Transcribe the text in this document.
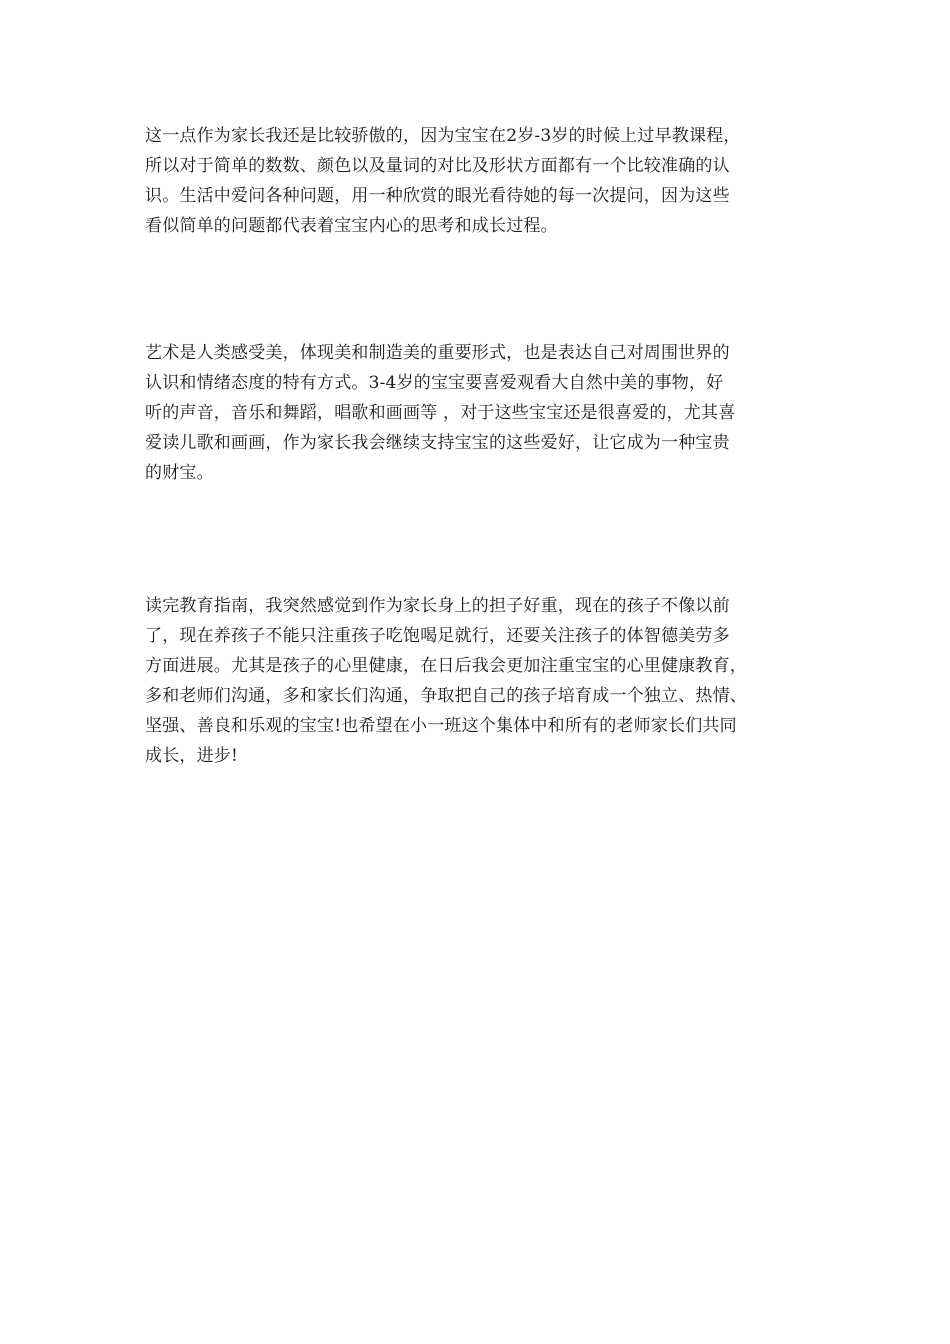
这一点作为家长我还是比较骄傲的，因为宝宝在2岁-3岁的时候上过早教课程，
所以对于简单的数数、颜色以及量词的对比及形状方面都有一个比较准确的认
识。生活中爱问各种问题，用一种欣赏的眼光看待她的每一次提问，因为这些
看似简单的问题都代表着宝宝内心的思考和成长过程。
艺术是人类感受美，体现美和制造美的重要形式，也是表达自己对周围世界的
认识和情绪态度的特有方式。3-4岁的宝宝要喜爱观看大自然中美的事物，好
听的声音，音乐和舞蹈，唱歌和画画等 ，对于这些宝宝还是很喜爱的，尤其喜
爱读儿歌和画画，作为家长我会继续支持宝宝的这些爱好，让它成为一种宝贵
的财宝。
读完教育指南，我突然感觉到作为家长身上的担子好重，现在的孩子不像以前
了，现在养孩子不能只注重孩子吃饱喝足就行，还要关注孩子的体智德美劳多
方面进展。尤其是孩子的心里健康，在日后我会更加注重宝宝的心里健康教育，
多和老师们沟通，多和家长们沟通，争取把自己的孩子培育成一个独立、热情、
坚强、善良和乐观的宝宝!也希望在小一班这个集体中和所有的老师家长们共同
成长，进步!
